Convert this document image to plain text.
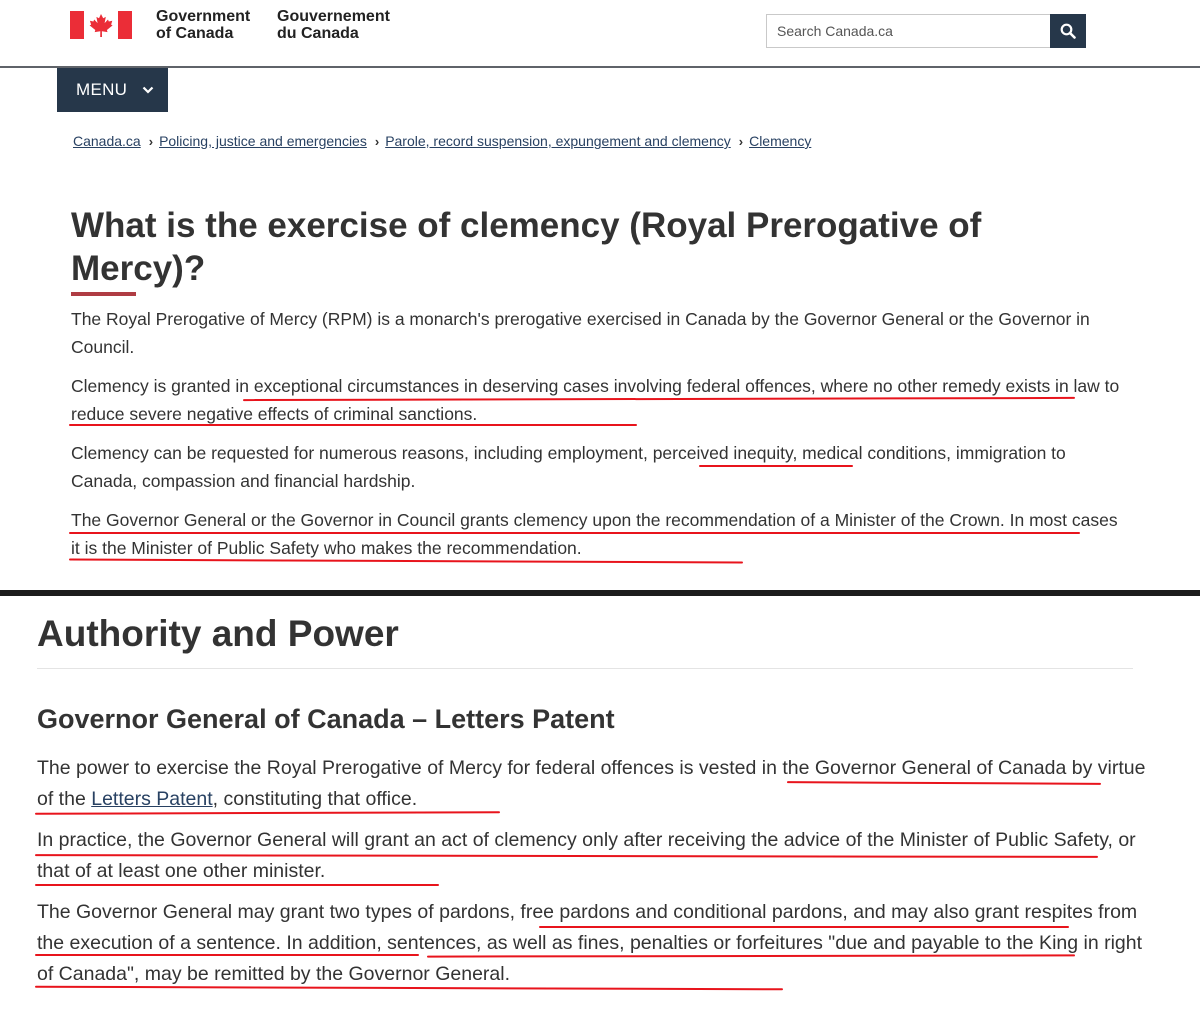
Government
of Canada
Gouvernement
du Canada
Search Canada.ca
MENU
Canada.ca › Policing, justice and emergencies › Parole, record suspension, expungement and clemency › Clemency
What is the exercise of clemency (Royal Prerogative of Mercy)?

The Royal Prerogative of Mercy (RPM) is a monarch's prerogative exercised in Canada by the Governor General or the Governor in Council.

Clemency is granted in exceptional circumstances in deserving cases involving federal offences, where no other remedy exists in law to reduce severe negative effects of criminal sanctions.

Clemency can be requested for numerous reasons, including employment, perceived inequity, medical conditions, immigration to Canada, compassion and financial hardship.

The Governor General or the Governor in Council grants clemency upon the recommendation of a Minister of the Crown. In most cases it is the Minister of Public Safety who makes the recommendation.

Authority and Power
Governor General of Canada – Letters Patent

The power to exercise the Royal Prerogative of Mercy for federal offences is vested in the Governor General of Canada by virtue of the Letters Patent, constituting that office.

In practice, the Governor General will grant an act of clemency only after receiving the advice of the Minister of Public Safety, or that of at least one other minister.

The Governor General may grant two types of pardons, free pardons and conditional pardons, and may also grant respites from the execution of a sentence. In addition, sentences, as well as fines, penalties or forfeitures "due and payable to the King in right of Canada", may be remitted by the Governor General.
